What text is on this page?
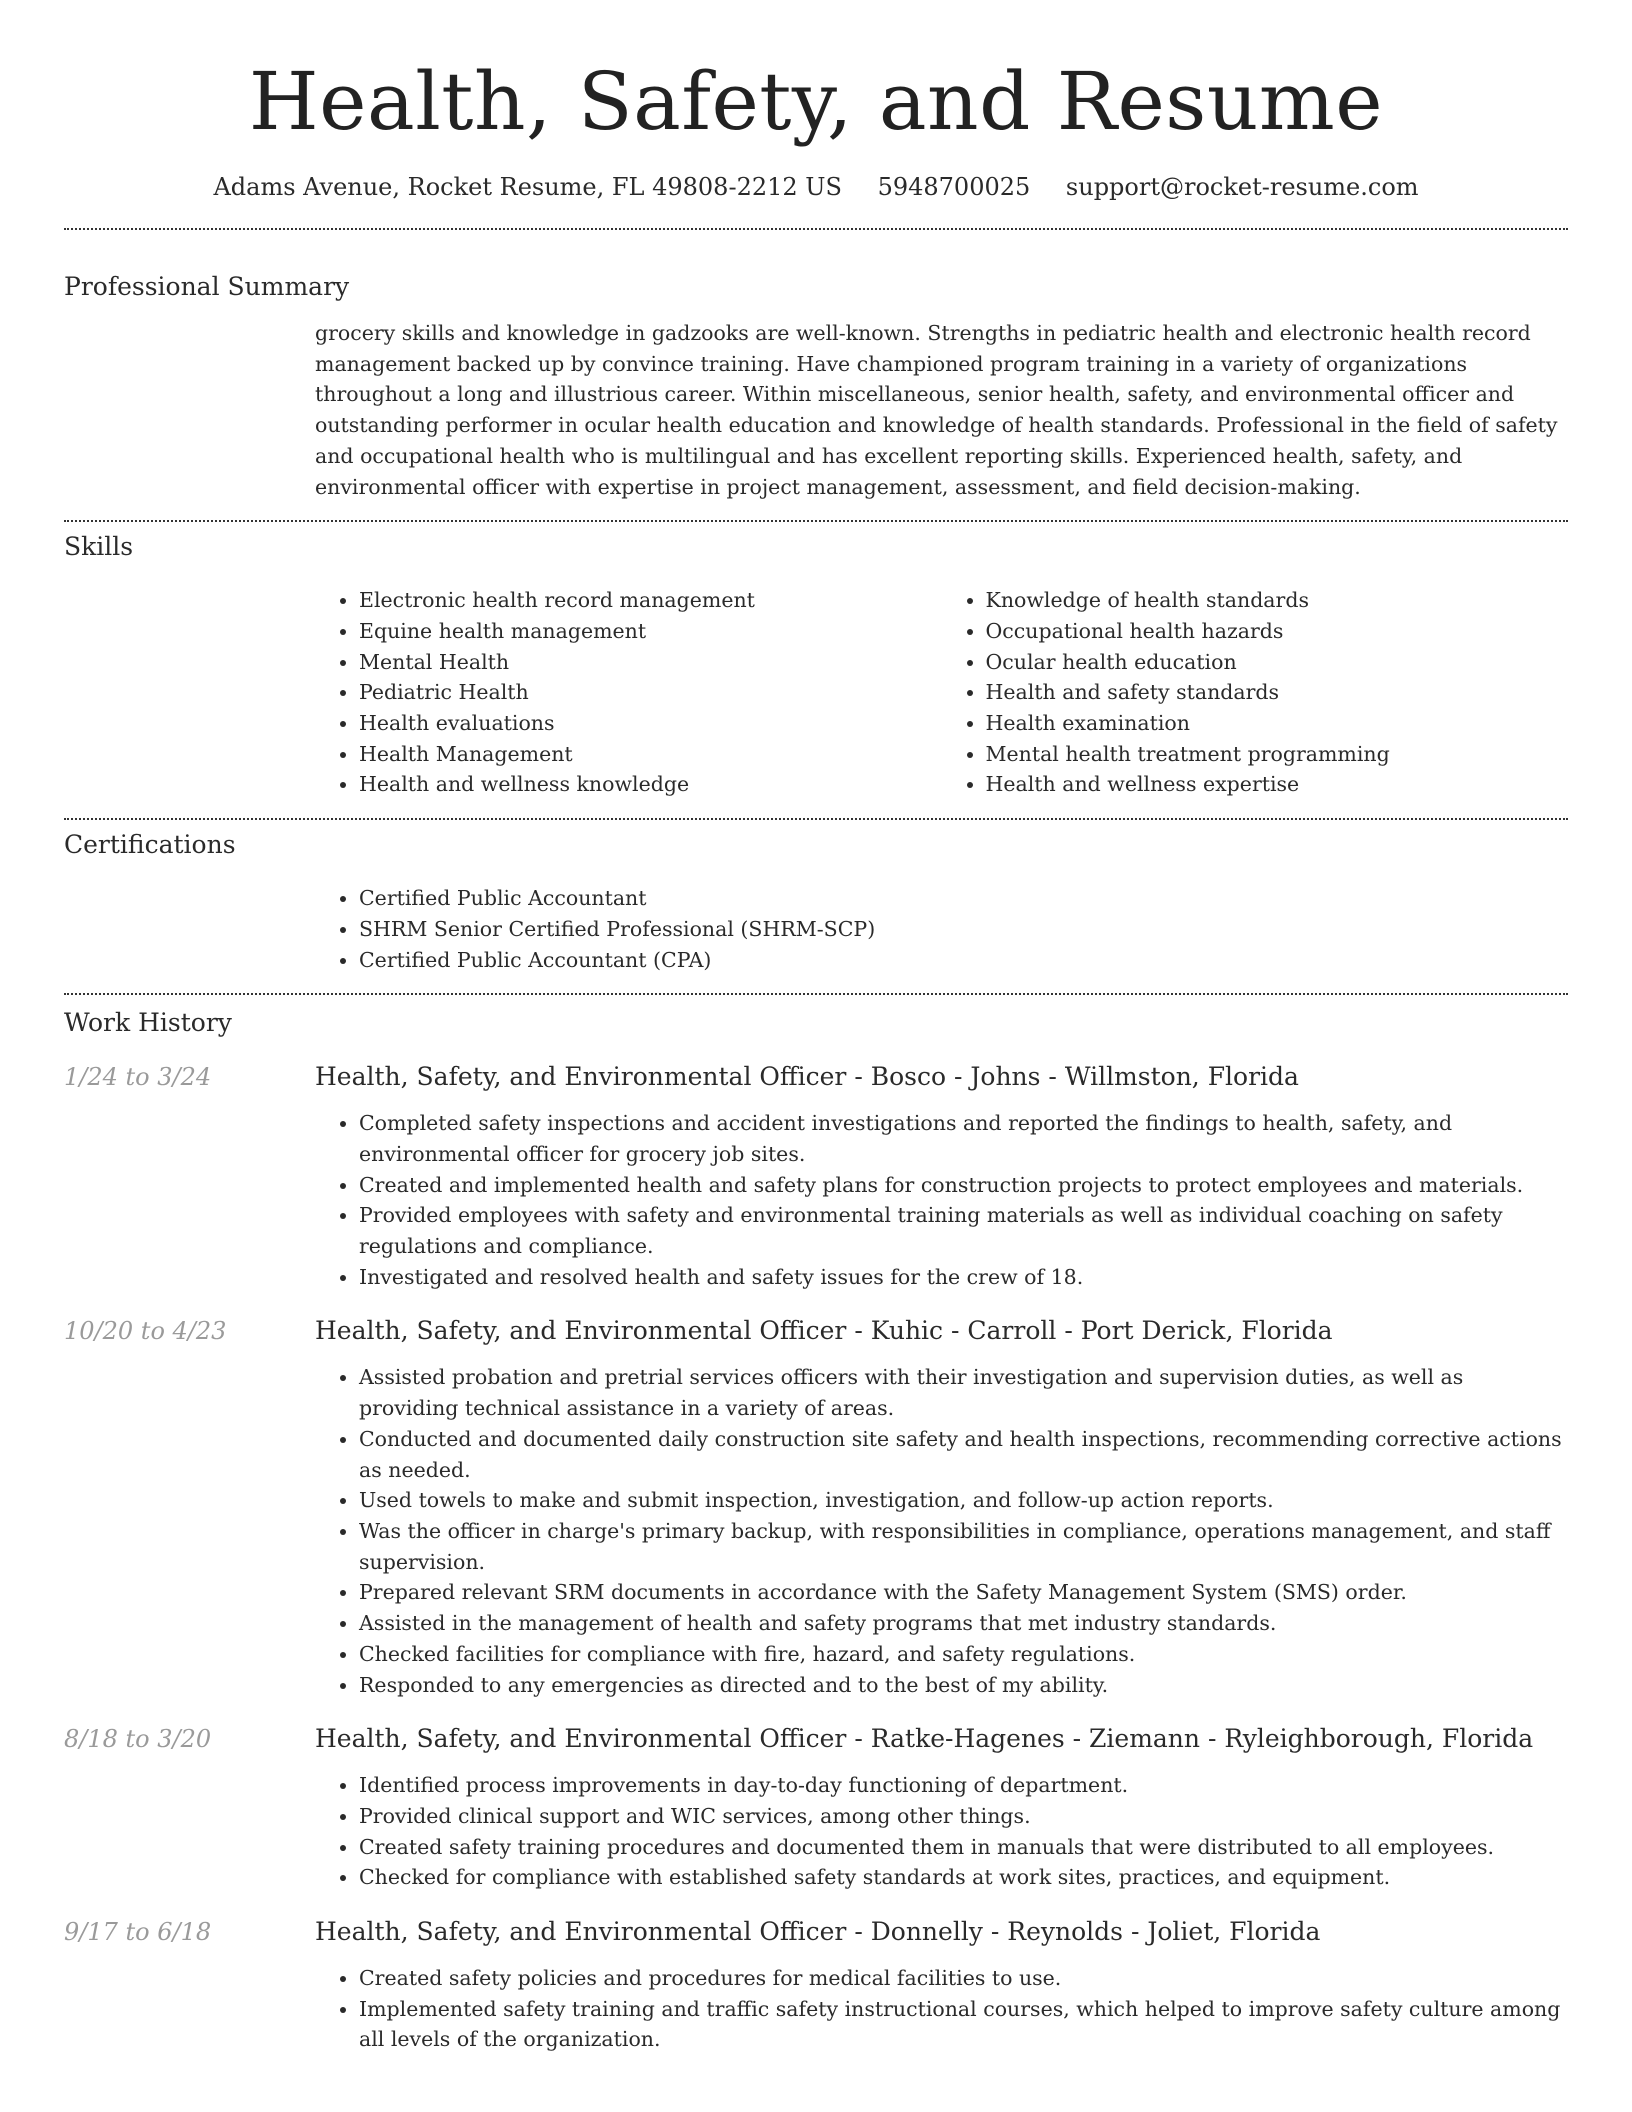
Health, Safety, and Resume
Adams Avenue, Rocket Resume, FL 49808-2212 US 5948700025 support@rocket-resume.com
Professional Summary

grocery skills and knowledge in gadzooks are well-known. Strengths in pediatric health and electronic health record management backed up by convince training. Have championed program training in a variety of organizations throughout a long and illustrious career. Within miscellaneous, senior health, safety, and environmental officer and outstanding performer in ocular health education and knowledge of health standards. Professional in the field of safety and occupational health who is multilingual and has excellent reporting skills. Experienced health, safety, and environmental officer with expertise in project management, assessment, and field decision-making.

Skills
• Electronic health record management
• Equine health management
• Mental Health
• Pediatric Health
• Health evaluations
• Health Management
• Health and wellness knowledge
• Knowledge of health standards
• Occupational health hazards
• Ocular health education
• Health and safety standards
• Health examination
• Mental health treatment programming
• Health and wellness expertise
Certifications
• Certified Public Accountant
• SHRM Senior Certified Professional (SHRM-SCP)
• Certified Public Accountant (CPA)
Work History
1/24 to 3/24	Health, Safety, and Environmental Officer - Bosco - Johns - Willmston, Florida
• Completed safety inspections and accident investigations and reported the findings to health, safety, and environmental officer for grocery job sites.
• Created and implemented health and safety plans for construction projects to protect employees and materials.
• Provided employees with safety and environmental training materials as well as individual coaching on safety regulations and compliance.
• Investigated and resolved health and safety issues for the crew of 18.
10/20 to 4/23	Health, Safety, and Environmental Officer - Kuhic - Carroll - Port Derick, Florida
• Assisted probation and pretrial services officers with their investigation and supervision duties, as well as providing technical assistance in a variety of areas.
• Conducted and documented daily construction site safety and health inspections, recommending corrective actions as needed.
• Used towels to make and submit inspection, investigation, and follow-up action reports.
• Was the officer in charge's primary backup, with responsibilities in compliance, operations management, and staff supervision.
• Prepared relevant SRM documents in accordance with the Safety Management System (SMS) order.
• Assisted in the management of health and safety programs that met industry standards.
• Checked facilities for compliance with fire, hazard, and safety regulations.
• Responded to any emergencies as directed and to the best of my ability.
8/18 to 3/20	Health, Safety, and Environmental Officer - Ratke-Hagenes - Ziemann - Ryleighborough, Florida
• Identified process improvements in day-to-day functioning of department.
• Provided clinical support and WIC services, among other things.
• Created safety training procedures and documented them in manuals that were distributed to all employees.
• Checked for compliance with established safety standards at work sites, practices, and equipment.
9/17 to 6/18	Health, Safety, and Environmental Officer - Donnelly - Reynolds - Joliet, Florida
• Created safety policies and procedures for medical facilities to use.
• Implemented safety training and traffic safety instructional courses, which helped to improve safety culture among all levels of the organization.
